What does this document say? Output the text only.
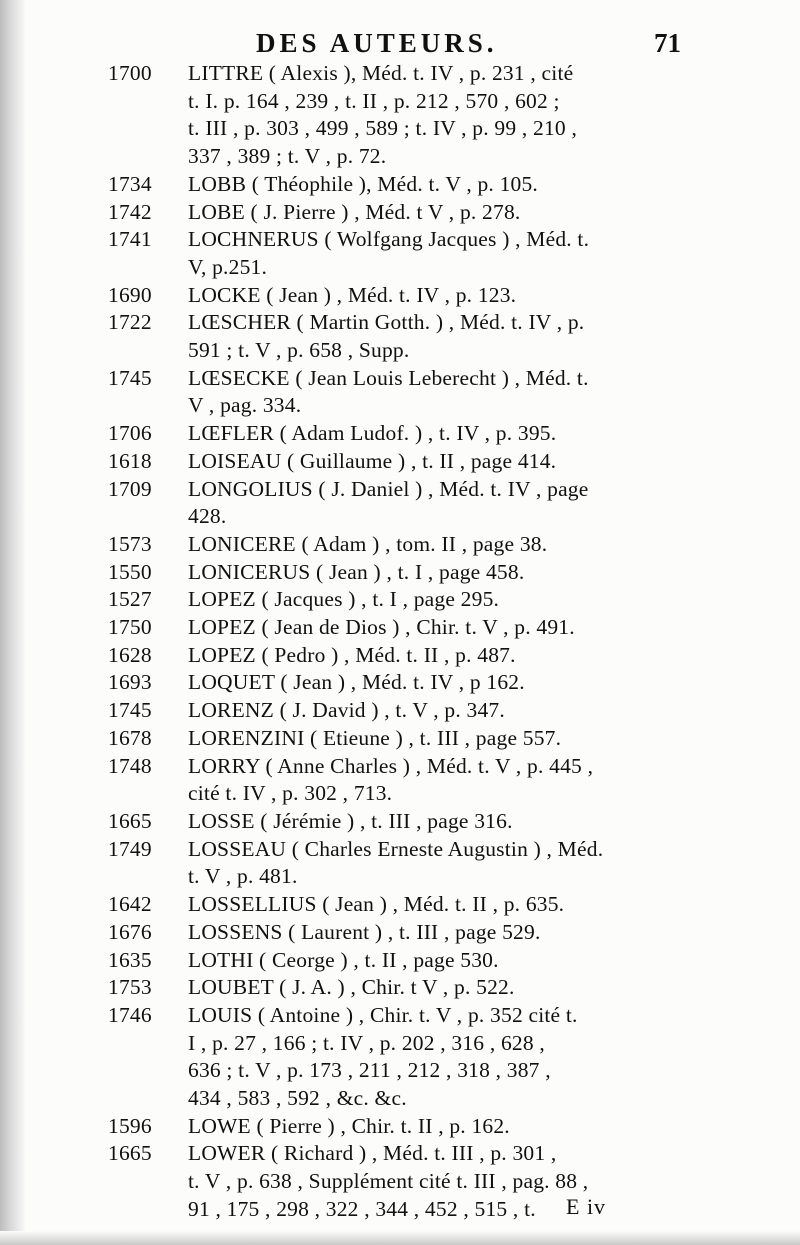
DES AUTEURS.	71
1700	LITTRE ( Alexis ), Méd. t. IV , p. 231 , cité
t. I. p. 164 , 239 , t. II , p. 212 , 570 , 602 ;
t. III , p. 303 , 499 , 589 ; t. IV , p. 99 , 210 ,
337 , 389 ; t. V , p. 72.
1734	LOBB ( Théophile ), Méd. t. V , p. 105.
1742	LOBE ( J. Pierre ) , Méd. t V , p. 278.
1741	LOCHNERUS ( Wolfgang Jacques ) , Méd. t.
V, p.251.
1690	LOCKE ( Jean ) , Méd. t. IV , p. 123.
1722	LŒSCHER ( Martin Gotth. ) , Méd. t. IV , p.
591 ; t. V , p. 658 , Supp.
1745	LŒSECKE ( Jean Louis Leberecht ) , Méd. t.
V , pag. 334.
1706	LŒFLER ( Adam Ludof. ) , t. IV , p. 395.
1618	LOISEAU ( Guillaume ) , t. II , page 414.
1709	LONGOLIUS ( J. Daniel ) , Méd. t. IV , page
428.
1573	LONICERE ( Adam ) , tom. II , page 38.
1550	LONICERUS ( Jean ) , t. I , page 458.
1527	LOPEZ ( Jacques ) , t. I , page 295.
1750	LOPEZ ( Jean de Dios ) , Chir. t. V , p. 491.
1628	LOPEZ ( Pedro ) , Méd. t. II , p. 487.
1693	LOQUET ( Jean ) , Méd. t. IV , p 162.
1745	LORENZ ( J. David ) , t. V , p. 347.
1678	LORENZINI ( Etieune ) , t. III , page 557.
1748	LORRY ( Anne Charles ) , Méd. t. V , p. 445 ,
cité t. IV , p. 302 , 713.
1665	LOSSE ( Jérémie ) , t. III , page 316.
1749	LOSSEAU ( Charles Erneste Augustin ) , Méd.
t. V , p. 481.
1642	LOSSELLIUS ( Jean ) , Méd. t. II , p. 635.
1676	LOSSENS ( Laurent ) , t. III , page 529.
1635	LOTHI ( Ceorge ) , t. II , page 530.
1753	LOUBET ( J. A. ) , Chir. t V , p. 522.
1746	LOUIS ( Antoine ) , Chir. t. V , p. 352 cité t.
I , p. 27 , 166 ; t. IV , p. 202 , 316 , 628 ,
636 ; t. V , p. 173 , 211 , 212 , 318 , 387 ,
434 , 583 , 592 , &c. &c.
1596	LOWE ( Pierre ) , Chir. t. II , p. 162.
1665	LOWER ( Richard ) , Méd. t. III , p. 301 ,
t. V , p. 638 , Supplément cité t. III , pag. 88 ,
91 , 175 , 298 , 322 , 344 , 452 , 515 , t.	E iv
